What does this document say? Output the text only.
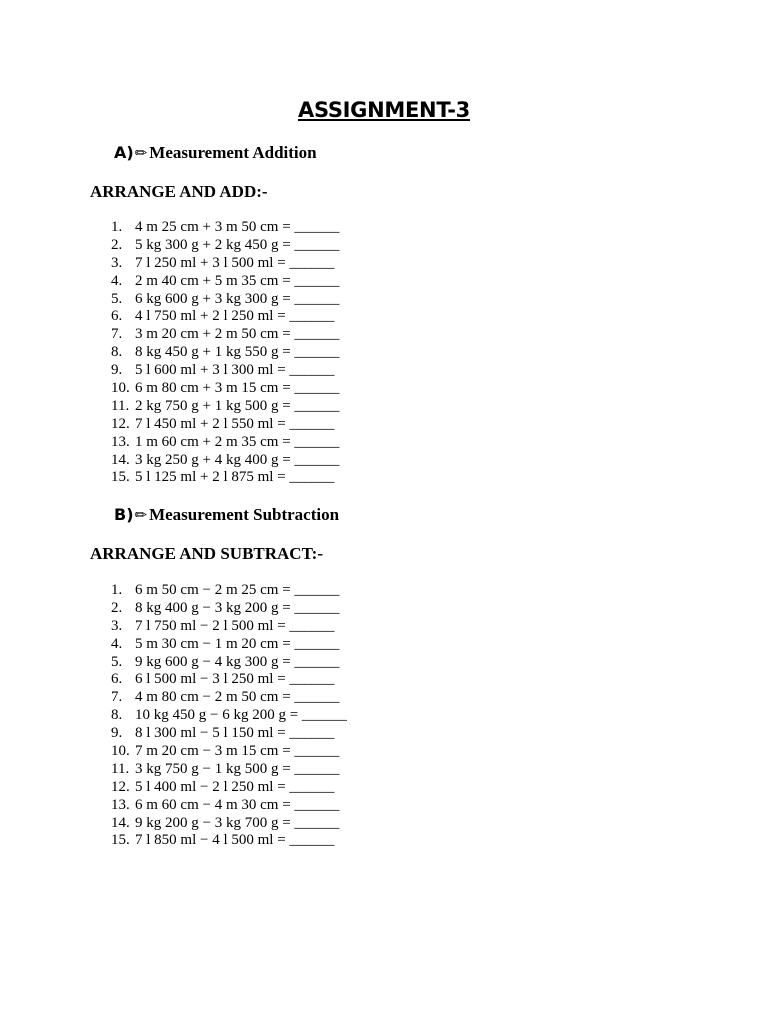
ASSIGNMENT-3
A)✏ Measurement Addition
ARRANGE AND ADD:-
1. 4 m 25 cm + 3 m 50 cm = ______
2. 5 kg 300 g + 2 kg 450 g = ______
3. 7 l 250 ml + 3 l 500 ml = ______
4. 2 m 40 cm + 5 m 35 cm = ______
5. 6 kg 600 g + 3 kg 300 g = ______
6. 4 l 750 ml + 2 l 250 ml = ______
7. 3 m 20 cm + 2 m 50 cm = ______
8. 8 kg 450 g + 1 kg 550 g = ______
9. 5 l 600 ml + 3 l 300 ml = ______
10. 6 m 80 cm + 3 m 15 cm = ______
11. 2 kg 750 g + 1 kg 500 g = ______
12. 7 l 450 ml + 2 l 550 ml = ______
13. 1 m 60 cm + 2 m 35 cm = ______
14. 3 kg 250 g + 4 kg 400 g = ______
15. 5 l 125 ml + 2 l 875 ml = ______
B)✏ Measurement Subtraction
ARRANGE AND SUBTRACT:-
1. 6 m 50 cm − 2 m 25 cm = ______
2. 8 kg 400 g − 3 kg 200 g = ______
3. 7 l 750 ml − 2 l 500 ml = ______
4. 5 m 30 cm − 1 m 20 cm = ______
5. 9 kg 600 g − 4 kg 300 g = ______
6. 6 l 500 ml − 3 l 250 ml = ______
7. 4 m 80 cm − 2 m 50 cm = ______
8. 10 kg 450 g − 6 kg 200 g = ______
9. 8 l 300 ml − 5 l 150 ml = ______
10. 7 m 20 cm − 3 m 15 cm = ______
11. 3 kg 750 g − 1 kg 500 g = ______
12. 5 l 400 ml − 2 l 250 ml = ______
13. 6 m 60 cm − 4 m 30 cm = ______
14. 9 kg 200 g − 3 kg 700 g = ______
15. 7 l 850 ml − 4 l 500 ml = ______
